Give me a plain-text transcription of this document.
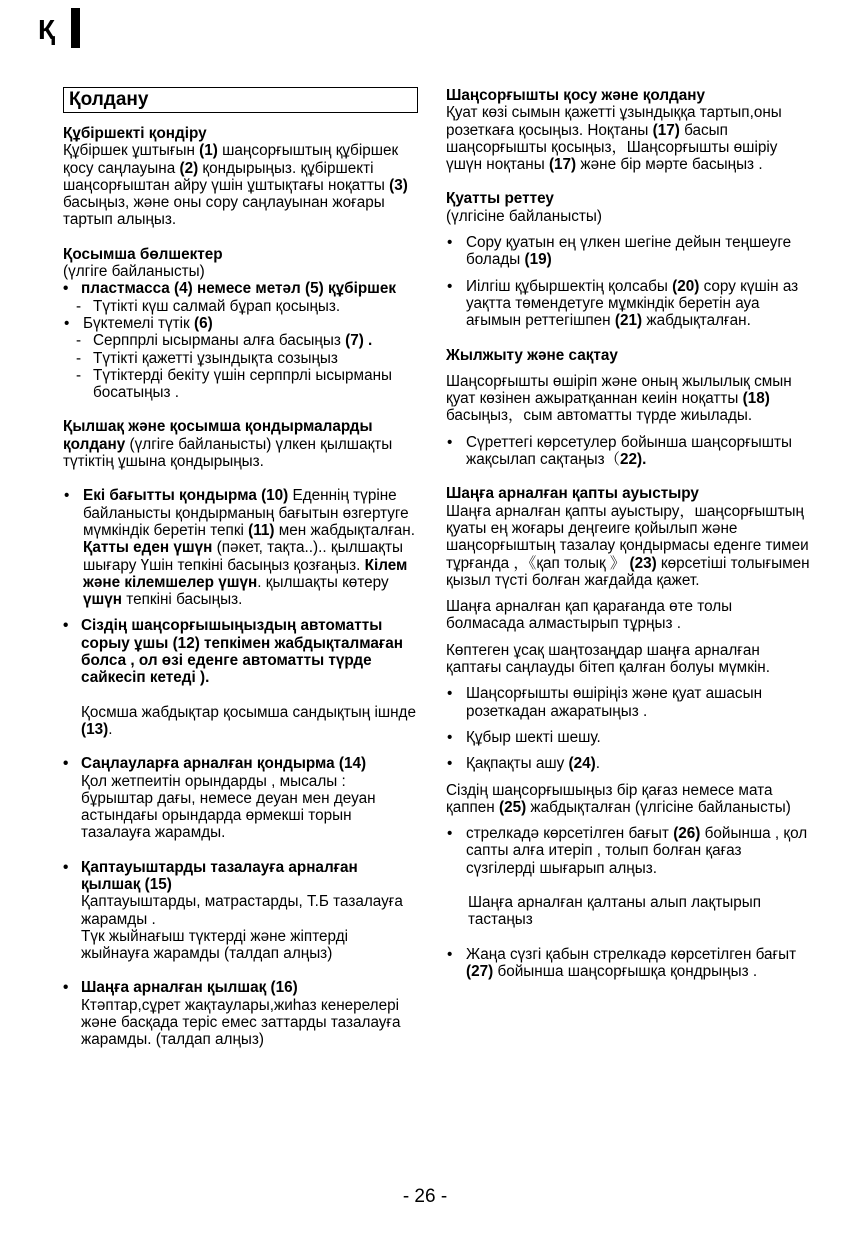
Қ
Қолдану
Құбіршекті қондіру

Құбіршек ұштығын (1) шаңсорғыштың құбіршек қосу саңлауына (2) қондырыңыз. құбіршекті шаңсорғыштан айру үшін ұштықтағы ноқатты (3) басыңыз, және оны сору саңлауынан жоғары тартып алыңыз.

Қосымша бөлшектер

(үлгіге байланысты)

• пластмасса (4) немесе метәл (5) құбіршек
- Түтікті күш салмай бұрап қосыңыз.
• Бүктемелі түтік (6)
- Серппрлі ысырманы алға басыңыз (7) .
- Түтікті қажетті ұзындықта созыңыз
- Түтіктерді бекіту үшін серппрлі ысырманы босатыңыз .

Қылшақ және қосымша қондырмаларды қолдану (үлгіге байланысты) үлкен қылшақты түтіктің ұшына қондырыңыз.

• Екі бағытты қондырма (10) Еденнің түріне байланысты қондырманың бағытын өзгертуге мүмкіндік беретін тепкі (11) мен жабдықталған. Қатты еден үшүн (пәкет, тақта..).. қылшақты шығару Үшін тепкіні басыңыз қозғаңыз. Кілем және кілемшелер үшүн. қылшақты көтеру үшүн тепкіні басыңыз.
• Сіздің шаңсорғышыңыздың автоматты сорыу ұшы (12) тепкімен жабдықталмаған болса , ол өзі еденге автоматты түрде сайкесіп кетеді ).

Қосмша жабдықтар қосымша сандықтың ішнде (13).

• Саңлауларға арналған қондырма (14)

Қол жетпеитін орындарды , мысалы : бұрыштар дағы, немесе деуан мен деуан астындағы орындарда өрмекші торын тазалауға жарамды.

• Қаптауыштарды тазалауға арналған қылшақ (15)

Қаптауыштарды, матрастарды, Т.Б тазалауға жарамды .

Түк жыйнағыш түктерді және жіптерді жыйнауға жарамды (талдап алңыз)

• Шаңға арналған қылшақ (16)

Ктәптар,сұрет жақтаулары,жиһаз кенерелері және басқада теріс емес заттарды тазалауға жарамды. (талдап алңыз)

Шаңсорғышты қосу және қолдану

Қуат көзі сымын қажетті ұзындыққа тартып,оны розеткаға қосыңыз. Ноқтаны (17) басып шаңсорғышты қосыңыз，Шаңсорғышты өшіріу үшүн ноқтаны (17) және бір мәрте басыңыз .

Қуатты реттеу

(үлгісіне байланысты)

• Сору қуатын ең үлкен шегіне дейын теңшеуге болады (19)
• Иілгіш құбыршектің қолсабы (20) сору күшін аз уақтта төмендетуге мұмкіндік беретін ауа ағымын реттегішпен (21) жабдықталған.
Жылжыту және сақтау

Шаңсорғышты өшіріп және оның жылылық смын қуат көзінен ажыратқаннан кеиін ноқатты (18) басыңыз，сым автоматты түрде жиылады.

• Сүреттегі көрсетулер бойынша шаңсорғышты жақсылап сақтаңыз（22).
Шаңға арналған қапты ауыстыру

Шаңға арналған қапты ауыстыру，шаңсорғыштың қуаты ең жоғары деңгеиге қойылып және шаңсорғыштың тазалау қондырмасы еденге тимеи тұрғанда ，《қап толық 》 (23) көрсетіші толығымен қызыл түсті болған жағдайда қажет.

Шаңға арналған қап қарағанда өте толы болмасада алмастырып тұрңыз .

Көптеген ұсақ шаңтозаңдар шаңға арналған қаптағы саңлауды бітеп қалған болуы мүмкін.

• Шаңсорғышты өшіріңіз және қуат ашасын розеткадан ажаратыңыз .
• Құбыр шекті шешу.
• Қақпақты ашу (24).

Сіздің шаңсорғышыңыз бір қағаз немесе мата қаппен (25) жабдықталған (үлгісіне байланысты)

• стрелкадә көрсетілген бағыт (26) бойынша , қол сапты алға итеріп , толып болған қағаз сүзгілерді шығарып алңыз.

Шаңға арналған қалтаны алып лақтырып тастаңыз

• Жаңа сүзгі қабын стрелкадә көрсетілген бағыт (27) бойынша шаңсорғышқа қондрыңыз .
- 26 -
